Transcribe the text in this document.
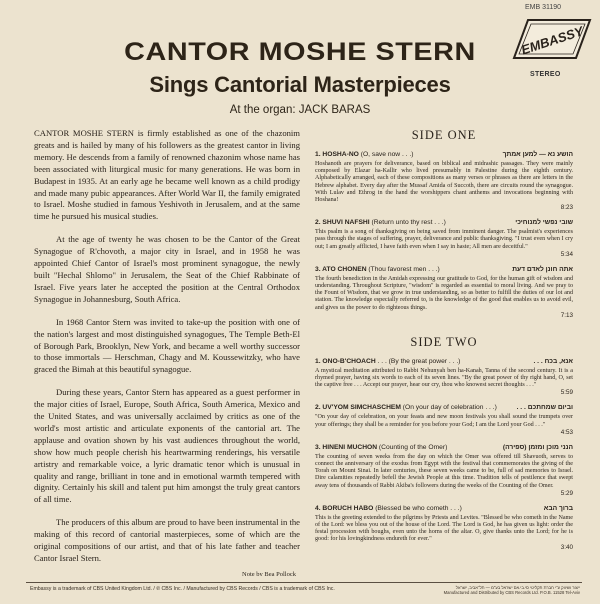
EMB 31190
EMBASSY
STEREO
CANTOR MOSHE STERN
Sings Cantorial Masterpieces
At the organ: JACK BARAS

CANTOR MOSHE STERN is firmly established as one of the chazonim greats and is hailed by many of his followers as the greatest cantor in living memory. He descends from a family of renowned chazonim whose name has been associated with liturgical music for many generations. He was born in Budapest in 1935. At an early age he became well known as a child prodigy and made many pubic appearances. After World War II, the family emigrated to Israel. Moshe studied in famous Yeshivoth in Jerusalem, and at the same time he pursued his musical studies.

At the age of twenty he was chosen to be the Cantor of the Great Synagogue of R'chovoth, a major city in Israel, and in 1958 he was appointed Chief Cantor of Israel's most prominent synagogue, the newly built "Hechal Shlomo" in Jerusalem, the Seat of the Chief Rabbinate of Israel. Five years later he accepted the position at the Central Orthodox Synagogue in Johannesburg, South Africa.

In 1968 Cantor Stern was invited to take-up the position with one of the nation's largest and most distinguished synagogues, The Temple Beth-El of Borough Park, Brooklyn, New York, and became a well worthy successor to those immortals — Herschman, Chagy and M. Koussewitzky, who have graced the Bimah at this beautiful synagogue.

During these years, Cantor Stern has appeared as a guest performer in the major cities of Israel, Europe, South Africa, South America, Mexico and the United States, and was universally acclaimed by critics as one of the world's most artistic and articulate exponents of the cantorial art. The applause and ovation shown by his vast audiences throughout the world, show how much people cherish his heartwarming renderings, his versatile artistry and remarkable voice, a lyric dramatic tenor which is unusual in quality and range, brilliant in tone and in emotional warmth tempered with dignity. Certainly his skill and talent put him amongst the truly great cantors of all time.

The producers of this album are proud to have been instrumental in the making of this record of cantorial masterpieces, some of which are the original compositions of our artist, and that of his late father and teacher Cantor Israel Stern.

Note by Bea Pollock
SIDE ONE
1. HOSHA-NO (O, save now . . .)	הושע נא — למען אמתך
Hoshanoth are prayers for deliverance, based on biblical and midrashic passages. They were mainly composed by Elazar ha-Kallir who lived presumably in Palestine during the eighth century. Alphabetically arranged, each of these compositions as many verses or phrases as there are letters in the Hebrew alphabet. Every day after the Mussaf Amida of Succoth, there are circuits round the synagogue. With Lulav and Ethrog in the hand the worshippers chant anthems and invocations beginning with Hoshana!
8:23
2. SHUVI NAFSHI (Return unto thy rest . . .)	שובי נפשי למנוחיכי
This psalm is a song of thanksgiving on being saved from imminent danger. The psalmist's experiences pass through the stages of suffering, prayer, deliverance and public thanksgiving. "I trust even when I cry out; I am greatly afflicted, I have faith even when I say in haste; All men are deceitful."
5:34
3. ATO CHONEN (Thou favorest men . . .)	אתה חונן לאדם דעת
The fourth benediction in the Amidah expressing our gratitude to God, for the human gift of wisdom and understanding. Throughout Scripture, "wisdom" is regarded as essential to moral living. And we pray to the Fount of Wisdom, that we grow in true understanding, so as better to fulfill the duties of our lot and station. The knowledge especially referred to, is the knowledge of the good that enables us to avoid evil, and gives us the power to do righteous things.
7:13
SIDE TWO
1. ONO-B'CHOACH . . . (By the great power . . .)	אנא, בכח . . .
A mystical meditation attributed to Rabbi Nehunyah ben ha-Kanah, Tanna of the second century. It is a rhymed prayer, having six words to each of its seven lines. "By the great power of thy right hand, O, set the captive free . . . Accept our prayer, hear our cry, thou who knowest secret thoughts . . ."
5:59
2. UV'YOM SIMCHASCHEM (On your day of celebration . . .)	וביום שמחתכם . . .
"On your day of celebration, on your feasts and new moon festivals you shall sound the trumpets over your offerings; they shall be a reminder for you before your God; I am the Lord your God . . ."
4:53
3. HINENI MUCHON (Counting of the Omer)	הנני מוכן ומזמן (ספירה)
The counting of seven weeks from the day on which the Omer was offered till Shavuoth, serves to connect the anniversary of the exodus from Egypt with the festival that commemorates the giving of the Torah on Mount Sinai. In later centuries, these seven weeks came to be, full of sad memories to Israel. Dire calamities repeatedly befell the Jewish People at this time. Tradition tells of pestilence that swept away tens of thousands of Rabbi Akiba's followers during the weeks of the Counting of the Omer.
5:29
4. BORUCH HABO (Blessed be who cometh . . .)	ברוך הבא
This is the greeting extended to the pilgrims by Priests and Levites. "Blessed be who cometh in the Name of the Lord: we bless you out of the house of the Lord. The Lord is God, he has given us light: order the festal procession with boughs, even unto the horns of the altar. O, give thanks unto the Lord; for he is good: for his lovingkindness endureth for ever."
3:40
Embassy is a trademark of CBS United Kingdom Ltd. / ℗ CBS Inc. / Manufactured by CBS Records / CBS is a trademark of CBS Inc.	ייצור ושיווק ע"י חברת תקליטי סי.בי.אס ישראל בע"מ — תל־אביב, ישראל
Manufactured and Distributed by CBS Records Ltd. P.O.B. 11528 Tel-Aviv
